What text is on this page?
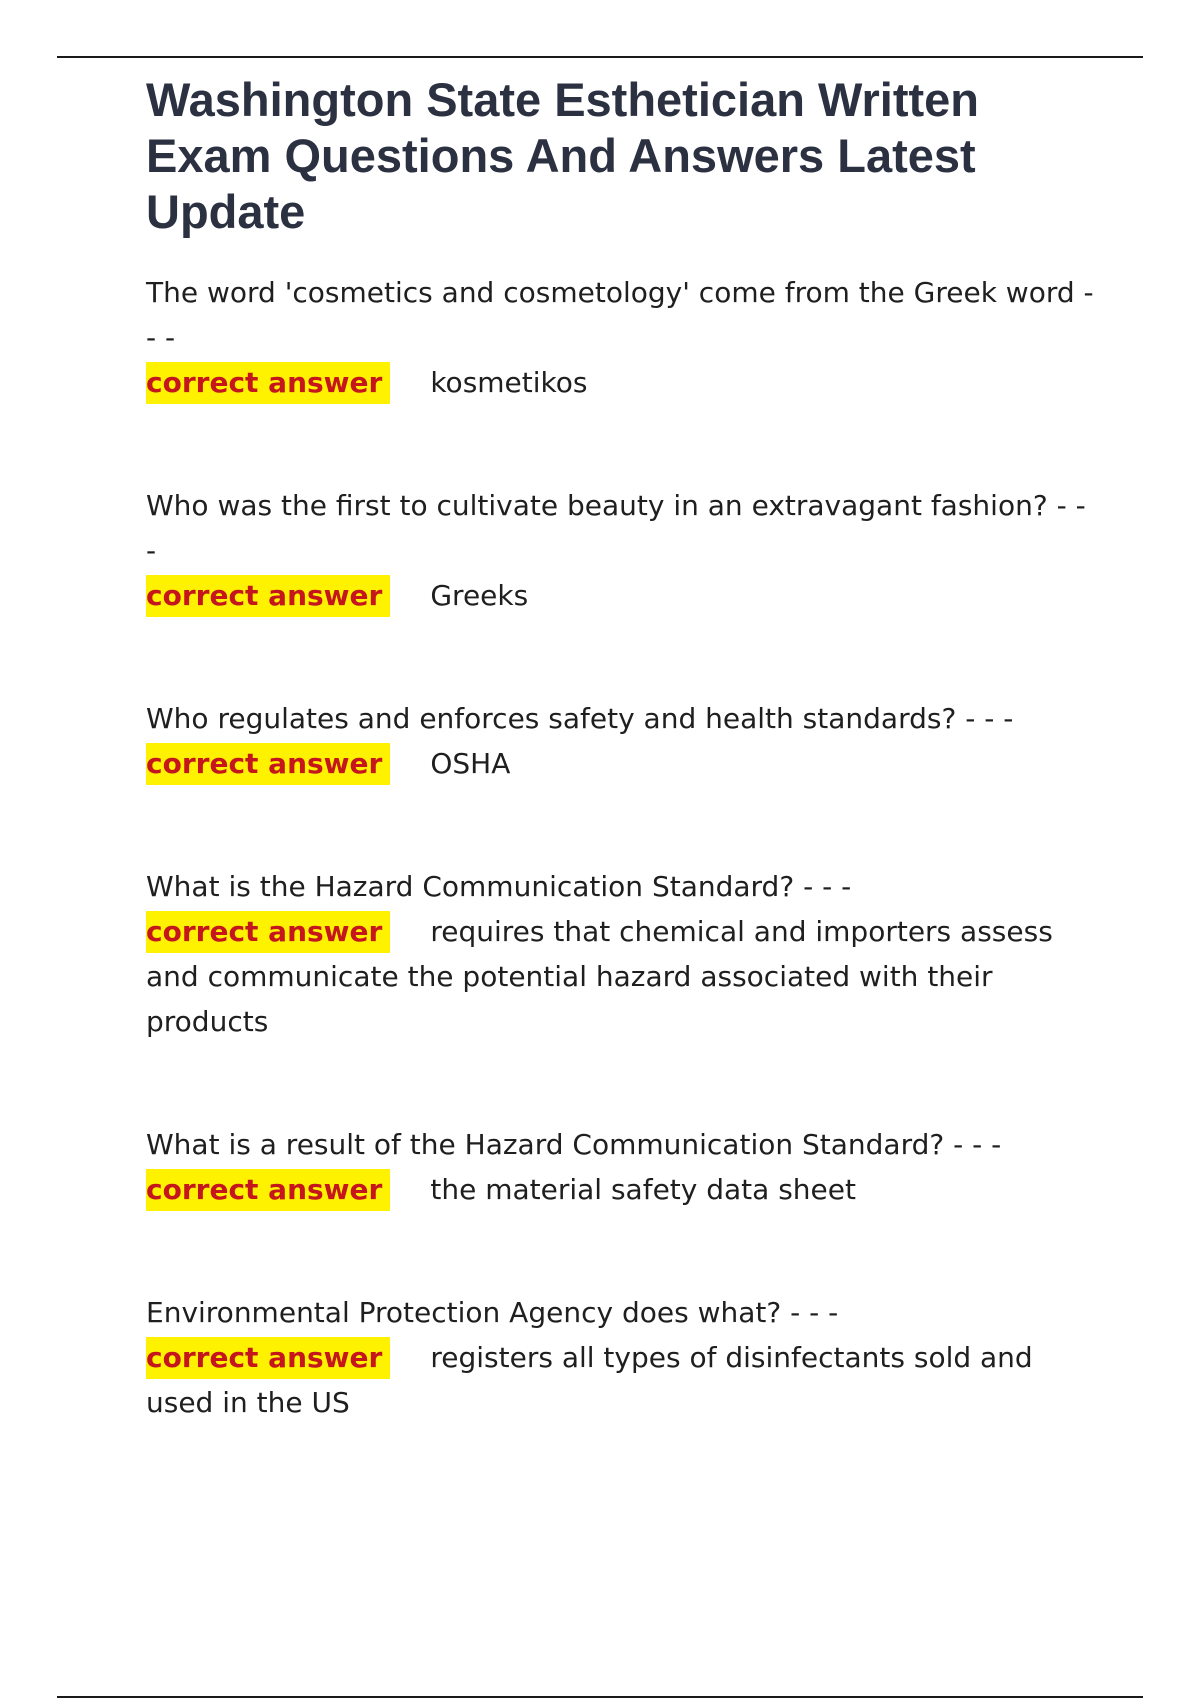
Washington State Esthetician Written Exam Questions And Answers Latest Update
The word 'cosmetics and cosmetology' come from the Greek word - - -
correct answer kosmetikos
Who was the first to cultivate beauty in an extravagant fashion? - - -
correct answer Greeks
Who regulates and enforces safety and health standards? - - -
correct answer OSHA
What is the Hazard Communication Standard? - - -
correct answer requires that chemical and importers assess and communicate the potential hazard associated with their products
What is a result of the Hazard Communication Standard? - - -
correct answer the material safety data sheet
Environmental Protection Agency does what? - - -
correct answer registers all types of disinfectants sold and used in the US
